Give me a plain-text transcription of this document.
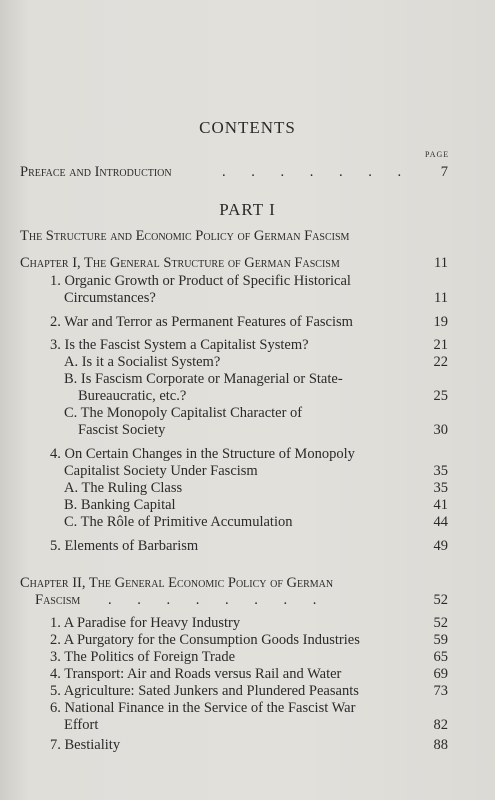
CONTENTS
PAGE
Preface and Introduction	. . . . . . .	7
PART I
The Structure and Economic Policy of German Fascism
Chapter I, The General Structure of German Fascism	11
1. Organic Growth or Product of Specific Historical
Circumstances?	11
2. War and Terror as Permanent Features of Fascism	19
3. Is the Fascist System a Capitalist System?	21
A. Is it a Socialist System?	22
B. Is Fascism Corporate or Managerial or State-
Bureaucratic, etc.?	25
C. The Monopoly Capitalist Character of
Fascist Society	30
4. On Certain Changes in the Structure of Monopoly
Capitalist Society Under Fascism	35
A. The Ruling Class	35
B. Banking Capital	41
C. The Rôle of Primitive Accumulation	44
5. Elements of Barbarism	49
Chapter II, The General Economic Policy of German
Fascism . . . . . . . .	52
1. A Paradise for Heavy Industry	52
2. A Purgatory for the Consumption Goods Industries	59
3. The Politics of Foreign Trade	65
4. Transport: Air and Roads versus Rail and Water	69
5. Agriculture: Sated Junkers and Plundered Peasants	73
6. National Finance in the Service of the Fascist War
Effort	82
7. Bestiality	88
